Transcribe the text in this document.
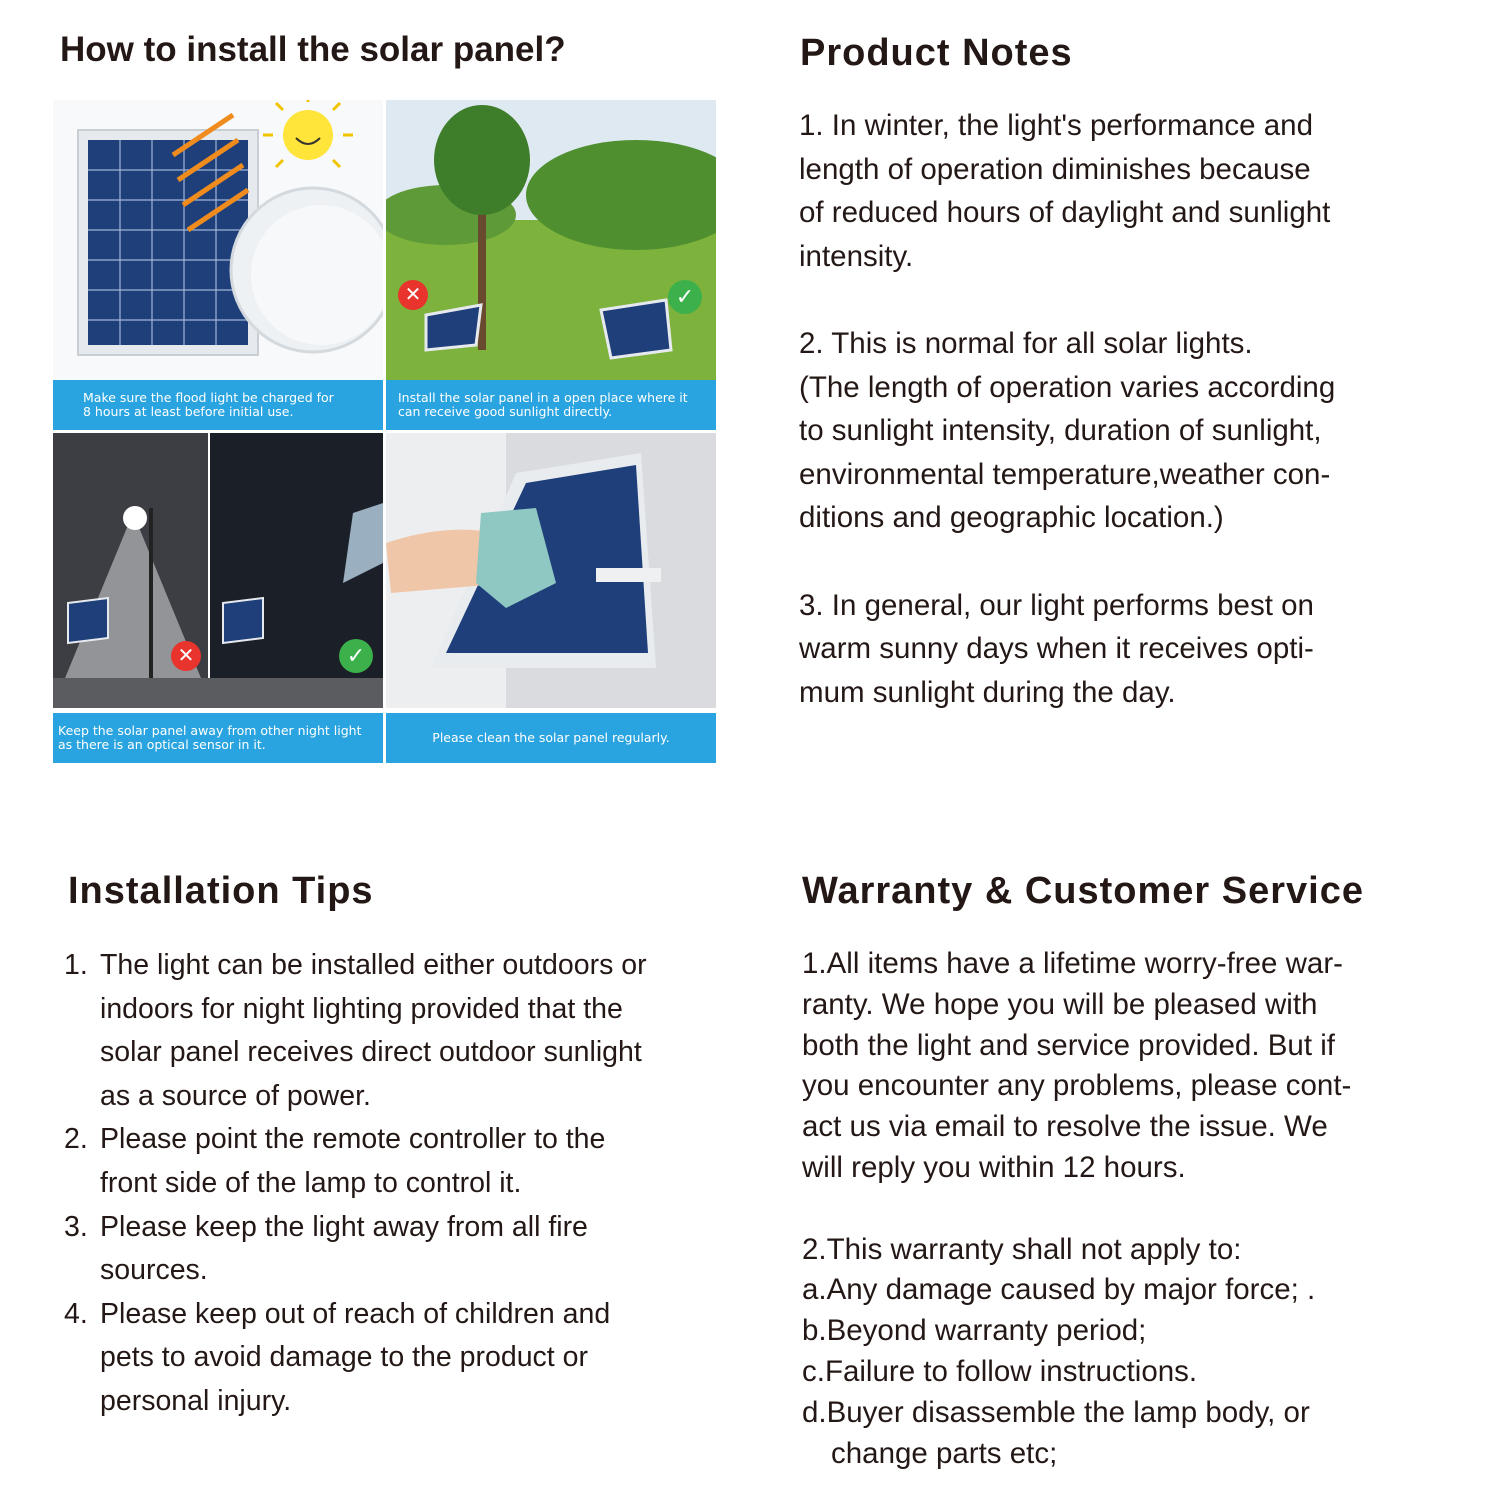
How to install the solar panel?	Product Notes
Installation Tips	Warranty & Customer Service
Make sure the flood light be charged for
8 hours at least before initial use.
✕	✓
Install the solar panel in a open place where it
can receive good sunlight directly.
✕	✓
Keep the solar panel away from other night light
as there is an optical sensor in it.	Please clean the solar panel regularly.

1. In winter, the light's performance and
length of operation diminishes because
of reduced hours of daylight and sunlight
intensity.

2. This is normal for all solar lights.
(The length of operation varies according
to sunlight intensity, duration of sunlight,
environmental temperature,weather con-
ditions and geographic location.)

3. In general, our light performs best on
warm sunny days when it receives opti-
mum sunlight during the day.

1. The light can be installed either outdoors or
indoors for night lighting provided that the
solar panel receives direct outdoor sunlight
as a source of power.
2. Please point the remote controller to the
front side of the lamp to control it.
3. Please keep the light away from all fire
sources.
4. Please keep out of reach of children and
pets to avoid damage to the product or
personal injury.

1.All items have a lifetime worry-free war-
ranty. We hope you will be pleased with
both the light and service provided. But if
you encounter any problems, please cont-
act us via email to resolve the issue. We
will reply you within 12 hours.

2.This warranty shall not apply to:

a.Any damage caused by major force; .

b.Beyond warranty period;

c.Failure to follow instructions.

d.Buyer disassemble the lamp body, or
change parts etc;
